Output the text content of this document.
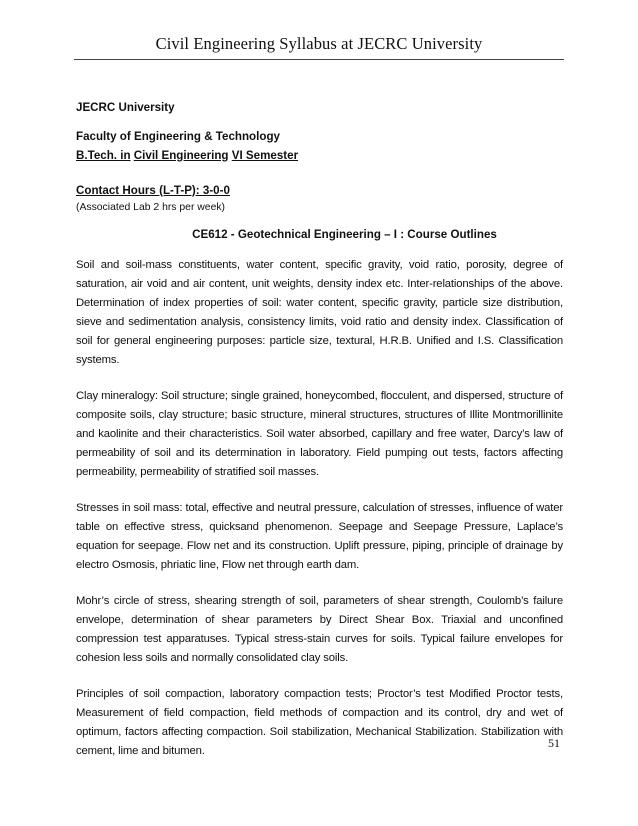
Civil Engineering Syllabus at JECRC University
JECRC University
Faculty of Engineering & Technology
B.Tech. in Civil Engineering VI Semester
Contact Hours (L-T-P): 3-0-0
(Associated Lab 2 hrs per week)
CE612 - Geotechnical Engineering – I : Course Outlines

Soil and soil-mass constituents, water content, specific gravity, void ratio, porosity, degree of saturation, air void and air content, unit weights, density index etc. Inter-relationships of the above. Determination of index properties of soil: water content, specific gravity, particle size distribution, sieve and sedimentation analysis, consistency limits, void ratio and density index. Classification of soil for general engineering purposes: particle size, textural, H.R.B. Unified and I.S. Classification systems.

Clay mineralogy: Soil structure; single grained, honeycombed, flocculent, and dispersed, structure of composite soils, clay structure; basic structure, mineral structures, structures of Illite Montmorillinite and kaolinite and their characteristics. Soil water absorbed, capillary and free water, Darcy’s law of permeability of soil and its determination in laboratory. Field pumping out tests, factors affecting permeability, permeability of stratified soil masses.

Stresses in soil mass: total, effective and neutral pressure, calculation of stresses, influence of water table on effective stress, quicksand phenomenon. Seepage and Seepage Pressure, Laplace’s equation for seepage. Flow net and its construction. Uplift pressure, piping, principle of drainage by electro Osmosis, phriatic line, Flow net through earth dam.

Mohr’s circle of stress, shearing strength of soil, parameters of shear strength, Coulomb’s failure envelope, determination of shear parameters by Direct Shear Box. Triaxial and unconfined compression test apparatuses. Typical stress-stain curves for soils. Typical failure envelopes for cohesion less soils and normally consolidated clay soils.

Principles of soil compaction, laboratory compaction tests; Proctor’s test Modified Proctor tests, Measurement of field compaction, field methods of compaction and its control, dry and wet of optimum, factors affecting compaction. Soil stabilization, Mechanical Stabilization. Stabilization with cement, lime and bitumen.

51
